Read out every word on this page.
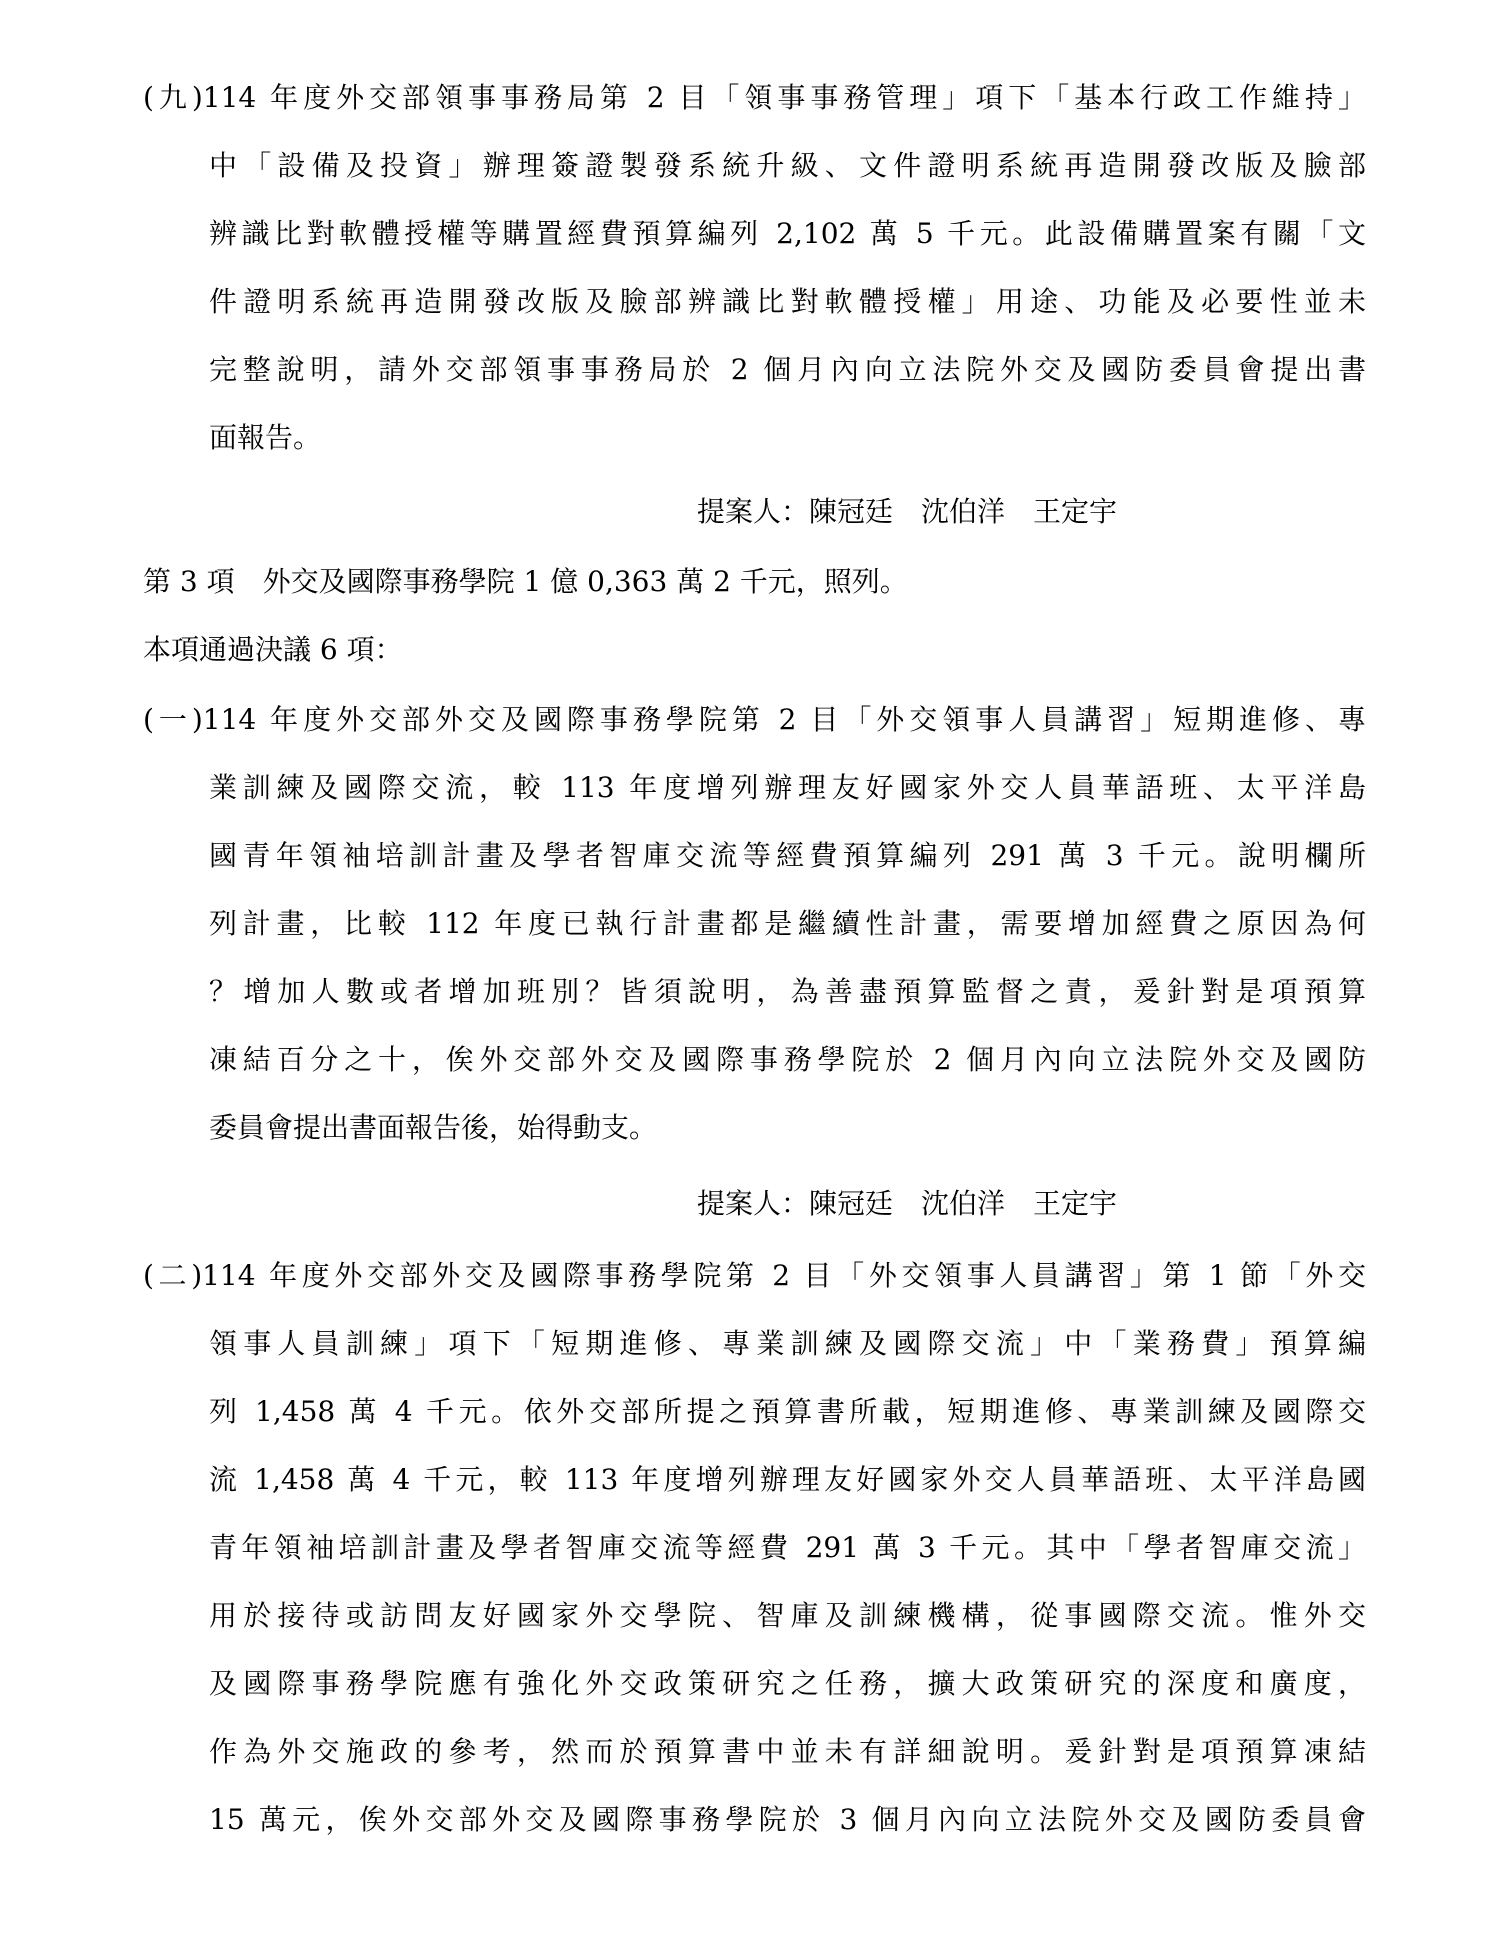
(九)114 年度外交部領事事務局第 2 目「領事事務管理」項下「基本行政工作維持」

中「設備及投資」辦理簽證製發系統升級、文件證明系統再造開發改版及臉部

辨識比對軟體授權等購置經費預算編列 2,102 萬 5 千元。此設備購置案有關「文

件證明系統再造開發改版及臉部辨識比對軟體授權」用途、功能及必要性並未

完整說明，請外交部領事事務局於 2 個月內向立法院外交及國防委員會提出書

面報告。

提案人：陳冠廷 沈伯洋 王定宇

第 3 項　外交及國際事務學院 1 億 0,363 萬 2 千元，照列。

本項通過決議 6 項：

(一)114 年度外交部外交及國際事務學院第 2 目「外交領事人員講習」短期進修、專

業訓練及國際交流，較 113 年度增列辦理友好國家外交人員華語班、太平洋島

國青年領袖培訓計畫及學者智庫交流等經費預算編列 291 萬 3 千元。說明欄所

列計畫，比較 112 年度已執行計畫都是繼續性計畫，需要增加經費之原因為何

？增加人數或者增加班別？皆須說明，為善盡預算監督之責，爰針對是項預算

凍結百分之十，俟外交部外交及國際事務學院於 2 個月內向立法院外交及國防

委員會提出書面報告後，始得動支。

提案人：陳冠廷 沈伯洋 王定宇

(二)114 年度外交部外交及國際事務學院第 2 目「外交領事人員講習」第 1 節「外交

領事人員訓練」項下「短期進修、專業訓練及國際交流」中「業務費」預算編

列 1,458 萬 4 千元。依外交部所提之預算書所載，短期進修、專業訓練及國際交

流 1,458 萬 4 千元，較 113 年度增列辦理友好國家外交人員華語班、太平洋島國

青年領袖培訓計畫及學者智庫交流等經費 291 萬 3 千元。其中「學者智庫交流」

用於接待或訪問友好國家外交學院、智庫及訓練機構，從事國際交流。惟外交

及國際事務學院應有強化外交政策研究之任務，擴大政策研究的深度和廣度，

作為外交施政的參考，然而於預算書中並未有詳細說明。爰針對是項預算凍結

15 萬元，俟外交部外交及國際事務學院於 3 個月內向立法院外交及國防委員會
